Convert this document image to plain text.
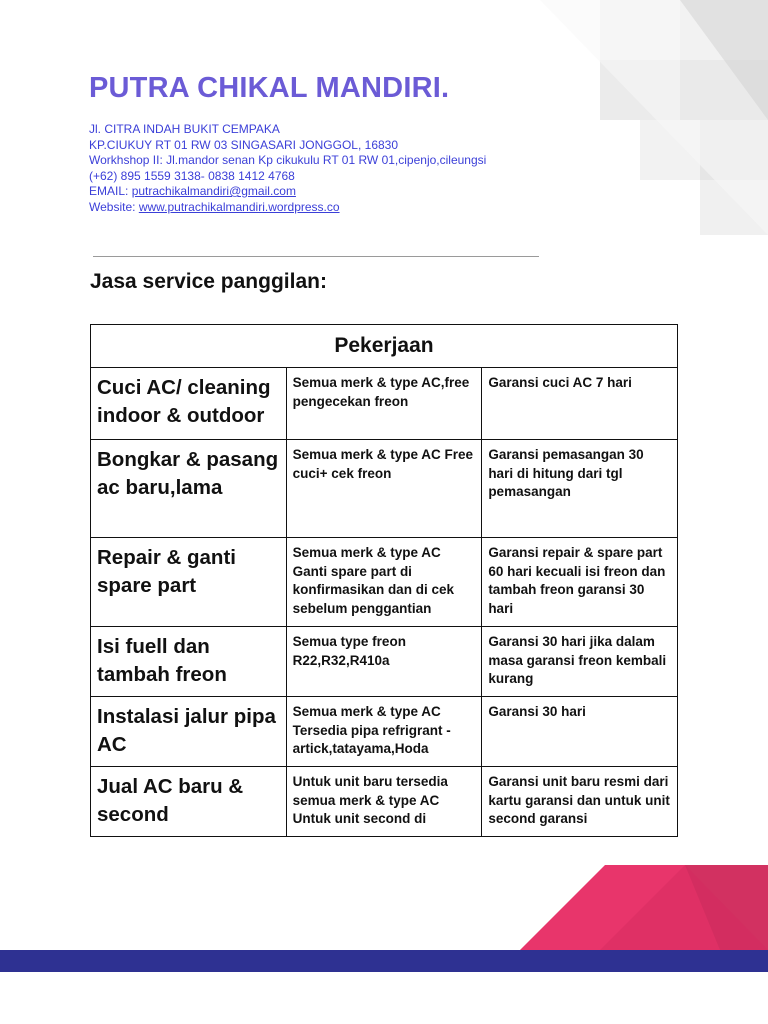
PUTRA CHIKAL MANDIRI.
Jl. CITRA INDAH BUKIT CEMPAKA
KP.CIUKUY RT 01 RW 03 SINGASARI JONGGOL, 16830
Workhshop II: Jl.mandor senan Kp cikukulu RT 01 RW 01,cipenjo,cileungsi
(+62) 895 1559 3138- 0838 1412 4768
EMAIL: putrachikalmandiri@gmail.com
Website: www.putrachikalmandiri.wordpress.co
Jasa service panggilan:
Pekerjaan		
Cuci AC/ cleaning indoor & outdoor	Semua merk & type AC,free pengecekan freon	Garansi cuci AC 7 hari
Bongkar & pasang ac baru,lama	Semua merk & type AC Free cuci+ cek freon	Garansi pemasangan 30 hari di hitung dari tgl pemasangan
Repair & ganti spare part	Semua merk & type AC Ganti spare part di konfirmasikan dan di cek sebelum penggantian	Garansi repair & spare part 60 hari kecuali isi freon dan tambah freon garansi 30 hari
Isi fuell dan tambah freon	Semua type freon R22,R32,R410a	Garansi 30 hari jika dalam masa garansi freon kembali kurang
Instalasi jalur pipa AC	Semua merk & type AC Tersedia pipa refrigrant -artick,tatayama,Hoda	Garansi 30 hari
Jual AC baru & second	Untuk unit baru tersedia semua merk & type AC Untuk unit second di	Garansi unit baru resmi dari kartu garansi dan untuk unit second garansi
